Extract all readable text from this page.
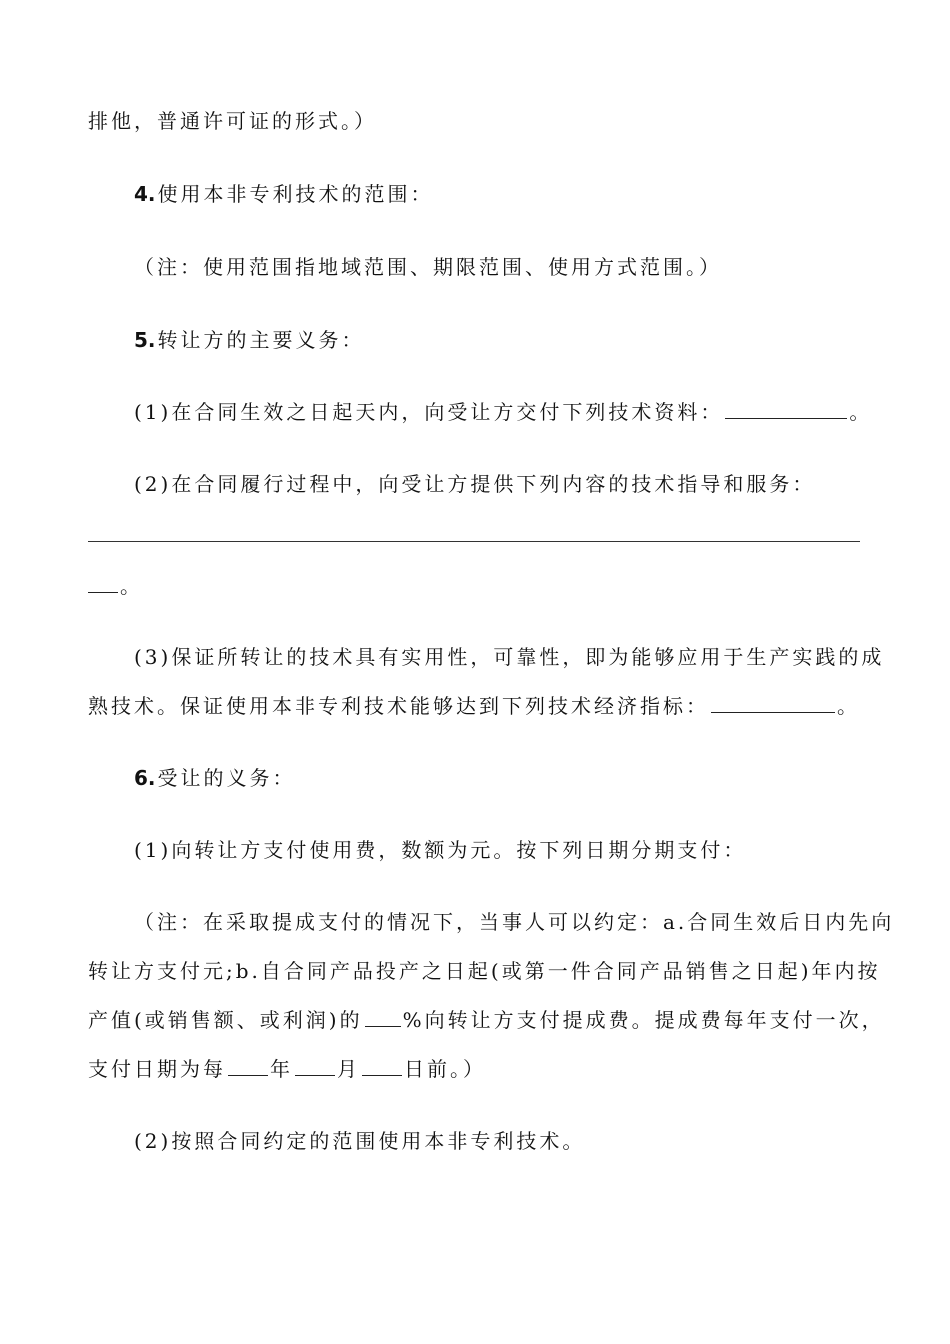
排他，普通许可证的形式。）
4. 使用本非专利技术的范围：
（注：使用范围指地域范围、期限范围、使用方式范围。）
5. 转让方的主要义务：
(1)在合同生效之日起天内，向受让方交付下列技术资料：	。
(2)在合同履行过程中，向受让方提供下列内容的技术指导和服务：
。
(3)保证所转让的技术具有实用性，可靠性，即为能够应用于生产实践的成
熟技术。保证使用本非专利技术能够达到下列技术经济指标：	。
6. 受让的义务：
(1)向转让方支付使用费，数额为元。按下列日期分期支付：
（注：在采取提成支付的情况下，当事人可以约定：a.合同生效后日内先向
转让方支付元;b.自合同产品投产之日起(或第一件合同产品销售之日起)年内按
产值(或销售额、或利润)的 %向转让方支付提成费。提成费每年支付一次，
支付日期为每 年 月 日前。）
(2)按照合同约定的范围使用本非专利技术。
